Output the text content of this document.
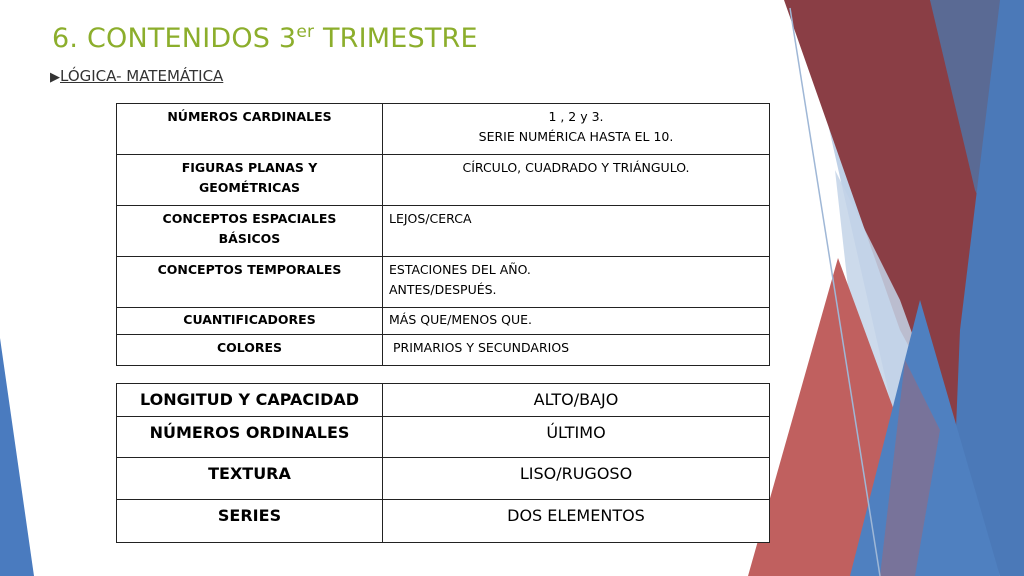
6. CONTENIDOS 3er TRIMESTRE
▶LÓGICA- MATEMÁTICA
NÚMEROS CARDINALES	1 , 2 y 3.
SERIE NUMÉRICA HASTA EL 10.

FIGURAS PLANAS Y
GEOMÉTRICAS	CÍRCULO, CUADRADO Y TRIÁNGULO.

CONCEPTOS ESPACIALES
BÁSICOS	LEJOS/CERCA

CONCEPTOS TEMPORALES	ESTACIONES DEL AÑO.
ANTES/DESPUÉS.

CUANTIFICADORES	MÁS QUE/MENOS QUE.

COLORES	PRIMARIOS Y SECUNDARIOS
LONGITUD Y CAPACIDAD	ALTO/BAJO
NÚMEROS ORDINALES	ÚLTIMO
TEXTURA	LISO/RUGOSO
SERIES	DOS ELEMENTOS
